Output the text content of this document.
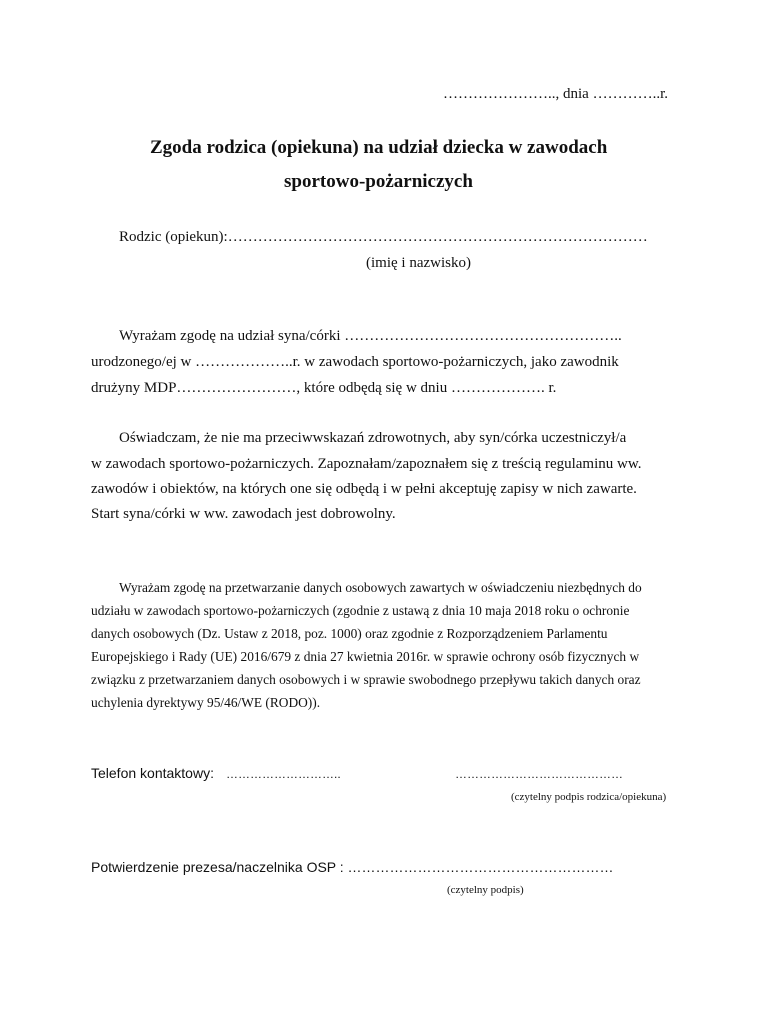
………………….., dnia …………..r.
Zgoda rodzica (opiekuna) na udział dziecka w zawodach
sportowo-pożarniczych
Rodzic (opiekun):…………………………………………………………………………
(imię i nazwisko)
Wyrażam zgodę na udział syna/córki ………………………………………………..
urodzonego/ej w ………………..r. w zawodach sportowo-pożarniczych, jako zawodnik
drużyny MDP……………………, które odbędą się w dniu ………………. r.
Oświadczam, że nie ma przeciwwskazań zdrowotnych, aby syn/córka uczestniczył/a
w zawodach sportowo-pożarniczych. Zapoznałam/zapoznałem się z treścią regulaminu ww.
zawodów i obiektów, na których one się odbędą i w pełni akceptuję zapisy w nich zawarte.
Start syna/córki w ww. zawodach jest dobrowolny.
Wyrażam zgodę na przetwarzanie danych osobowych zawartych w oświadczeniu niezbędnych do
udziału w zawodach sportowo-pożarniczych (zgodnie z ustawą z dnia 10 maja 2018 roku o ochronie
danych osobowych (Dz. Ustaw z 2018, poz. 1000) oraz zgodnie z Rozporządzeniem Parlamentu
Europejskiego i Rady (UE) 2016/679 z dnia 27 kwietnia 2016r. w sprawie ochrony osób fizycznych w
związku z przetwarzaniem danych osobowych i w sprawie swobodnego przepływu takich danych oraz
uchylenia dyrektywy 95/46/WE (RODO)).
Telefon kontaktowy: ………………………..	……………………………………
(czytelny podpis rodzica/opiekuna)
Potwierdzenie prezesa/naczelnika OSP : …………………………………………………
(czytelny podpis)
